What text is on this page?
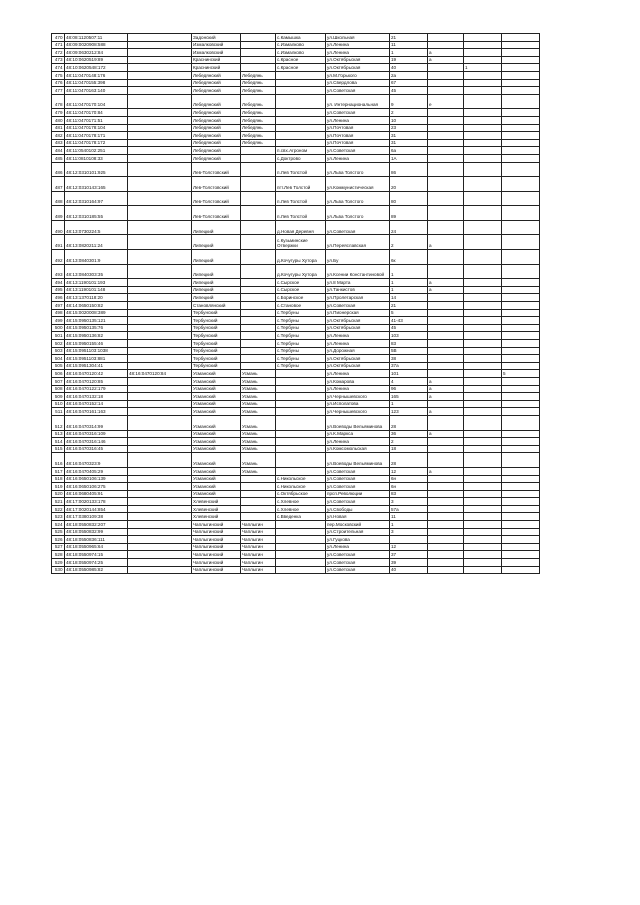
470	48:08:1120507:11		Задонский		с.Камышка	ул.Школьная	21			
471	48:09:0020908:588		Измалковский		с.Измалково	ул.Ленина	11			
472	48:09:0630212:84		Измалковский		с.Измалково	ул.Ленина	1	а		
473	48:10:0620519:89		Краснинский		с.Красное	ул.Октябрьская	19	а		
474	48:10:0620548:172		Краснинский		с.Красное	ул.Октябрьская	40		1	
475	48:11:0470148:176		Лебедянский	Лебедянь		ул.М.Горького	2а			
476	48:11:0470155:398		Лебедянский	Лебедянь		ул.Свердлова	67			
477	48:11:0470163:140		Лебедянский	Лебедянь		ул.Советская	45			
478	48:11:0470170:104		Лебедянский	Лебедянь		ул. Интернациональная	9	е		
479	48:11:0470170:84		Лебедянский	Лебедянь		ул.Советская	2			
480	48:11:0470171:51		Лебедянский	Лебедянь		ул.Ленина	10			
481	48:11:0470178:104		Лебедянский	Лебедянь		ул.Почтовая	23			
482	48:11:0470178:171		Лебедянский	Лебедянь		ул.Почтовая	31			
483	48:11:0470178:172		Лебедянский	Лебедянь		ул.Почтовая	31			
484	48:11:0540102:251		Лебедянский		п.свх.Агроном	ул.Советская	6а			
485	48:11:0810108:33		Лебедянский		с.Доктрово	ул.Ленина	1А			
486	48:12:0310101:925		Лев-Толстовский		п.Лев Толстой	ул.Льва Толстого	86			
487	48:12:0310143:165		Лев-Толстовский		пгт.Лев Толстой	ул.Коммунистическая	20			
488	48:12:0310164:97		Лев-Толстовский		п.Лев Толстой	ул.Льва Толстого	80			
489	48:12:0310185:55		Лев-Толстовский		п.Лев Толстой	ул.Льва Толстого	89			
490	48:13:0730224:5		Липецкий		д.Новая Деревня	ул.Советская	24			
491	48:13:0820211:24		Липецкий		с.Кузьминские Отвержки	ул.Переяславская	2	а		
492	48:13:0840301:9		Липецкий		д.Кочугуры Хутора	ул.Бу	6к			
493	48:13:0840303:35		Липецкий		д.Кочугуры Хутора	ул.Ксении Константиновой	1			
494	48:13:1190101:193		Липецкий		с.Сырское	ул.8 Марта	1	а		
495	48:13:1190101:148		Липецкий		с.Сырское	ул.Танкистов	1	а		
496	48:13:1370118:20		Липецкий		с.Боринское	ул.Пролетарская	14			
497	48:14:0650150:82		Становлянский		с.Становое	ул.Советская	21			
498	48:15:0020008:389		Тербунский		с.Тербуны	ул.Пионерская	5			
499	48:15:0950135:121		Тербунский		с.Тербуны	ул.Октябрьская	41-43			
500	48:15:0950135:76		Тербунский		с.Тербуны	ул.Октябрьская	45			
501	48:15:0950136:82		Тербунский		с.Тербуны	ул.Ленина	103			
502	48:15:0950155:46		Тербунский		с.Тербуны	ул.Ленина	83			
503	48:15:0951103:1038		Тербунский		с.Тербуны	ул.Дорожная	5В			
504	48:15:0951103:881		Тербунский		с.Тербуны	ул.Октябрьская	38			
505	48:15:0951304:41		Тербунский		с.Тербуны	ул.Октябрьская	37а			
506	48:16:0470120:42	48:16:0470120:84	Усманский	Усмань		ул.Ленина	101			5
507	48:16:0470120:85		Усманский	Усмань		ул.Комарова	4	а		
508	48:16:0470122:179		Усманский	Усмань		ул.Ленина	96	а		
509	48:16:0470132:18		Усманский	Усмань		ул.Чернышевского	165	а		
510	48:16:0470152:14		Усманский	Усмань		ул.Исполатова	1			
511	48:16:0470161:163		Усманский	Усмань		ул.Чернышевского	123	а		
512	48:16:0470314:99		Усманский	Усмань		ул.Воеводы Вельяминова	28			
513	48:16:0470316:109		Усманский	Усмань		ул.К.Маркса	36	а		
514	48:16:0470316:146		Усманский	Усмань		ул.Ленина	2			
515	48:16:0470316:45		Усманский	Усмань		ул.Комсомольская	18			
516	48:16:0470323:9		Усманский	Усмань		ул.Воеводы Вельяминова	28			
517	48:16:0470405:29		Усманский	Усмань		ул.Советская	12	а		
518	48:16:0650106:139		Усманский		с.Никольское	ул.Советская	6н			
519	48:16:0650106:275		Усманский		с.Никольское	ул.Советская	6н			
520	48:16:0680405:91		Усманский		с.Октябрьское	прсп.Революции	83			
521	48:17:0020133:178		Хлевенский		с.Хлевное	ул.Советская	3			
522	48:17:0020144:854		Хлевенский		с.Хлевное	ул.Свободы	57а			
523	48:17:0380109:38		Хлевенский		с.Введенка	ул.Новая	11			
524	48:18:0550832:207		Чаплыгинский	Чаплыгин		пер.Московский	1			
525	48:18:0550832:99		Чаплыгинский	Чаплыгин		ул.Строительная	3			
526	48:18:0550836:111		Чаплыгинский	Чаплыгин		ул.Гуцкова				
527	48:18:0550965:64		Чаплыгинский	Чаплыгин		ул.Ленина	12			
528	48:18:0550974:15		Чаплыгинский	Чаплыгин		ул.Советская	37			
529	48:18:0550974:25		Чаплыгинский	Чаплыгин		ул.Советская	39			
530	48:18:0550985:82		Чаплыгинский	Чаплыгин		ул.Советская	40			
